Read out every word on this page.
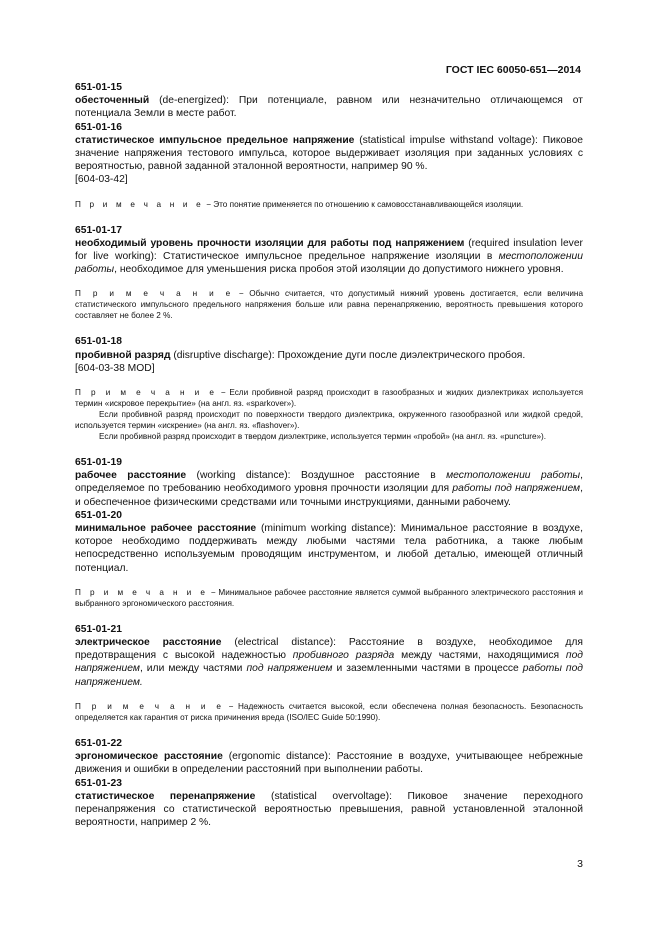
ГОСТ IEC 60050-651—2014

651-01-15

обесточенный (de-energized): При потенциале, равном или незначительно отличающемся от потенциала Земли в месте работ.

651-01-16

статистическое импульсное предельное напряжение (statistical impulse withstand voltage): Пиковое значение напряжения тестового импульса, которое выдерживает изоляция при заданных условиях с вероятностью, равной заданной эталонной вероятности, например 90 %.

[604-03-42]

П р и м е ч а н и е − Это понятие применяется по отношению к самовосстанавливающейся изоляции.

651-01-17

необходимый уровень прочности изоляции для работы под напряжением (required insulation lever for live working): Статистическое импульсное предельное напряжение изоляции в местоположении работы, необходимое для уменьшения риска пробоя этой изоляции до допустимого нижнего уровня.

П р и м е ч а н и е − Обычно считается, что допустимый нижний уровень достигается, если величина статистического импульсного предельного напряжения больше или равна перенапряжению, вероятность превышения которого составляет не более 2 %.

651-01-18

пробивной разряд (disruptive discharge): Прохождение дуги после диэлектрического пробоя.

[604-03-38 MOD]

П р и м е ч а н и е − Если пробивной разряд происходит в газообразных и жидких диэлектриках используется термин «искровое перекрытие» (на англ. яз. «sparkover»).

Если пробивной разряд происходит по поверхности твердого диэлектрика, окруженного газообразной или жидкой средой, используется термин «искрение» (на англ. яз. «flashover»).

Если пробивной разряд происходит в твердом диэлектрике, используется термин «пробой» (на англ. яз. «puncture»).

651-01-19

рабочее расстояние (working distance): Воздушное расстояние в местоположении работы, определяемое по требованию необходимого уровня прочности изоляции для работы под напряжением, и обеспеченное физическими средствами или точными инструкциями, данными рабочему.

651-01-20

минимальное рабочее расстояние (minimum working distance): Минимальное расстояние в воздухе, которое необходимо поддерживать между любыми частями тела работника, а также любым непосредственно используемым проводящим инструментом, и любой деталью, имеющей отличный потенциал.

П р и м е ч а н и е − Минимальное рабочее расстояние является суммой выбранного электрического расстояния и выбранного эргономического расстояния.

651-01-21

электрическое расстояние (electrical distance): Расстояние в воздухе, необходимое для предотвращения с высокой надежностью пробивного разряда между частями, находящимися под напряжением, или между частями под напряжением и заземленными частями в процессе работы под напряжением.

П р и м е ч а н и е − Надежность считается высокой, если обеспечена полная безопасность. Безопасность определяется как гарантия от риска причинения вреда (ISO/IEC Guide 50:1990).

651-01-22

эргономическое расстояние (ergonomic distance): Расстояние в воздухе, учитывающее небрежные движения и ошибки в определении расстояний при выполнении работы.

651-01-23

статистическое перенапряжение (statistical overvoltage): Пиковое значение переходного перенапряжения со статистической вероятностью превышения, равной установленной эталонной вероятности, например 2 %.

3
